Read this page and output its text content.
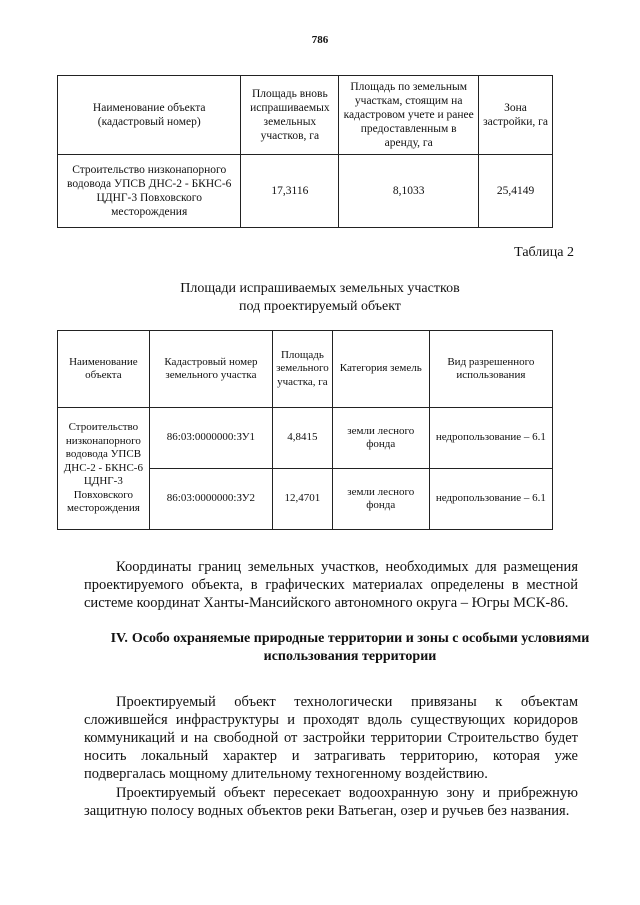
786
Наименование объекта (кадастровый номер)	Площадь вновь испрашиваемых земельных участков, га	Площадь по земельным участкам, стоящим на кадастровом учете и ранее предоставленным в аренду, га	Зона застройки, га
Строительство низконапорного водовода УПСВ ДНС-2 - БКНС-6 ЦДНГ-3 Повховского месторождения	17,3116	8,1033	25,4149
Таблица 2
Площади испрашиваемых земельных участков
под проектируемый объект
Наименование объекта	Кадастровый номер земельного участка	Площадь земельного участка, га	Категория земель	Вид разрешенного использования
Строительство низконапорного водовода УПСВ ДНС-2 - БКНС-6 ЦДНГ-3 Повховского месторождения	86:03:0000000:ЗУ1	4,8415	земли лесного фонда	недропользование – 6.1
	86:03:0000000:ЗУ2	12,4701	земли лесного фонда	недропользование – 6.1
Координаты границ земельных участков, необходимых для размещения проектируемого объекта, в графических материалах определены в местной системе координат Ханты-Мансийского автономного округа – Югры МСК-86.
IV. Особо охраняемые природные территории и зоны с особыми условиями использования территории
Проектируемый объект технологически привязаны к объектам сложившейся инфраструктуры и проходят вдоль существующих коридоров коммуникаций и на свободной от застройки территории Строительство будет носить локальный характер и затрагивать территорию, которая уже подвергалась мощному длительному техногенному воздействию.
Проектируемый объект пересекает водоохранную зону и прибрежную защитную полосу водных объектов реки Ватьеган, озер и ручьев без названия.
